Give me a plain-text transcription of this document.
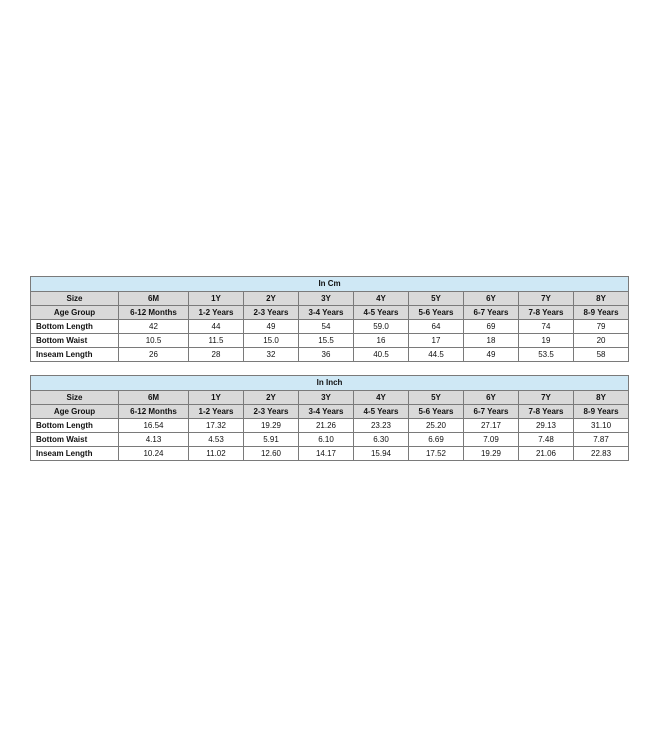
In Cm									
Size	6M	1Y	2Y	3Y	4Y	5Y	6Y	7Y	8Y
Age Group	6-12 Months	1-2 Years	2-3 Years	3-4 Years	4-5 Years	5-6 Years	6-7 Years	7-8 Years	8-9 Years
Bottom Length	42	44	49	54	59.0	64	69	74	79
Bottom Waist	10.5	11.5	15.0	15.5	16	17	18	19	20
Inseam Length	26	28	32	36	40.5	44.5	49	53.5	58
In Inch									
Size	6M	1Y	2Y	3Y	4Y	5Y	6Y	7Y	8Y
Age Group	6-12 Months	1-2 Years	2-3 Years	3-4 Years	4-5 Years	5-6 Years	6-7 Years	7-8 Years	8-9 Years
Bottom Length	16.54	17.32	19.29	21.26	23.23	25.20	27.17	29.13	31.10
Bottom Waist	4.13	4.53	5.91	6.10	6.30	6.69	7.09	7.48	7.87
Inseam Length	10.24	11.02	12.60	14.17	15.94	17.52	19.29	21.06	22.83
